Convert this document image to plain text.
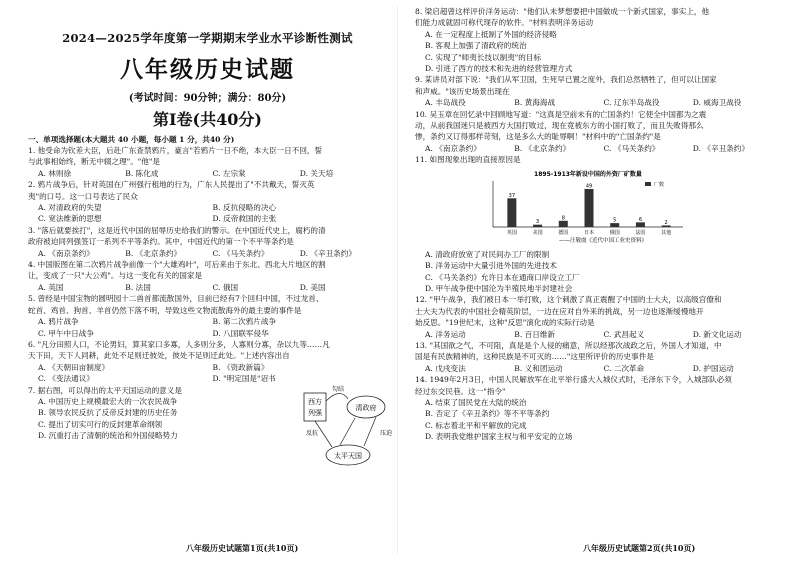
2024—2025学年度第一学期期末学业水平诊断性测试
八年级历史试题
(考试时间：90分钟；满分：80分)
第I卷(共40分)
一、单项选择题(本大题共 40 小题，每小题 1 分，共40 分)
1. 他受命为钦差大臣，后赴广东查禁鸦片，豪言"若鸦片一日不绝，本大臣一日不回，誓
与此事相始终，断无中辍之理"。"他"是
A. 林则徐	B. 陈化成	C. 左宗棠	D. 关天培
2. 鸦片战争后，针对英国在广州强行租地的行为，广东人民提出了"不共戴天，誓灭英
夷"的口号。这一口号表达了民众
A. 对清政府的失望	B. 反抗侵略的决心
C. 宽法维新的思想	D. 反帝救国的主张
3. "落后就要挨打"，这是近代中国的屈辱历史给我们的警示。在中国近代史上，腐朽的清
政府被迫同列强签订一系列不平等条约。其中，中国近代的第一个不平等条约是
A. 《南京条约》	B. 《北京条约》	C. 《马关条约》	D. 《辛丑条约》
4. 中国版图在第二次鸦片战争前像一个"大雄鸡叶"，可后来由于东北、西北大片地区的割
让，变成了一只"大公鸡"。与这一变化有关的国家是
A. 英国	B. 法国	C. 俄国	D. 美国
5. 曾经是中国宝物的圆明园十二兽首都流散国外，目前已经有7个回归中国，不过龙首、
蛇首、鸡首、狗首、羊首仍然下落不明，导致这些文物流散海外的最主要的事件是
A. 鸦片战争	B. 第二次鸦片战争
C. 甲午中日战争	D. 八国联军侵华
6. "凡分田照人口，不论男妇，算其家口多寡，人多则分多，人寡则分寡，杂以九等……凡
天下田，天下人同耕，此处不足则迁彼处，彼处不足则迁此处。"上述内容出自
A. 《天朝田亩制度》	B. 《资政新篇》
C. 《变法通议》	D. "明定国是"诏书
7. 据右图，可以得出的太平天国运动的意义是
A. 中国历史上规模最宏大的一次农民战争
B. 领导农民反抗了反帝反封建的历史任务
C. 提出了切实可行的反封建革命纲领
D. 沉重打击了清朝的统治和外国侵略势力
西方
列强
清政府
勾结
太平天国
反抗	压迫
八年级历史试题第1页(共10页)
8. 梁启超曾这样评价洋务运动："他们认未梦想要把中国做成一个新式国家，事实上，他
们能力成就固可称代现存的软件。"材料表明洋务运动
A. 在一定程度上抵制了外国的经济侵略
B. 客观上加强了清政府的统治
C. 实现了"师夷长技以制夷"的目标
D. 引进了西方的技术和先进的经营管理方式
9. 某讲员对部下说："我们从军卫国，生死早已置之度外，我们总然牺牲了，但可以让国家
和声威。"该历史场景出现在
A. 丰岛战役	B. 黄海海战	C. 辽东半岛战役	D. 威海卫战役
10. 吴玉章在回忆录中回顾地写道："这真是空前未有的亡国条约！它使全中国都为之震
动，从前我国迷只是被西方大国打败过，现在竟被东方的小国打败了，而且失败得那么
惨，条约又订得那样苛刻，这是多么大的耻辱啊！"材料中的"亡国条约"是
A. 《南京条约》	B. 《北京条约》	C. 《马关条约》	D. 《辛丑条约》
11. 如图现象出现的直接原因是
1895-1913年新设中国的外资厂矿数量
厂数
37
英国
3
美国
8
德国
49
日本
5
俄国
6
法国
2
其他
——汪敬虞《近代中国工业史资料》
A. 清政府放宽了对民间办工厂的限制
B. 洋务运动中大量引进外国的先进技术
C. 《马关条约》允许日本在通商口岸设立工厂
D. 甲午战争使中国沦为半殖民地半封建社会
12. "甲午战争，我们被日本一举打败，这个刺激了真正震醒了中国的士大夫，以高级官僚和
士大夫为代表的中国社会精英阶层，一边在应对自外来的挑战，另一边也逐渐缓慢地开
始反思。"19世纪末，这种"反思"演化成的实际行动是
A. 洋务运动	B. 百日维新	C. 武昌起义	D. 新文化运动
13. "其国欲之气，不可阻，真是是个人侵的痛意，所以经那次战政之后，外国人才知道，中
国是有民族精神的，这种民族是不可灭的……"这里所评价的历史事件是
A. 戊戌变法	B. 义和团运动	C. 二次革命	D. 护国运动
14. 1949年2月3日，中国人民解放军在北平举行盛大入城仪式时，毛泽东下令，入城部队必须
经过东交民巷。这一"指令"
A. 结束了国民党在大陆的统治
B. 否定了《辛丑条约》等不平等条约
C. 标志着北平和平解放的完成
D. 表明我党维护国家主权与和平安定的立场
八年级历史试题第2页(共10页)
